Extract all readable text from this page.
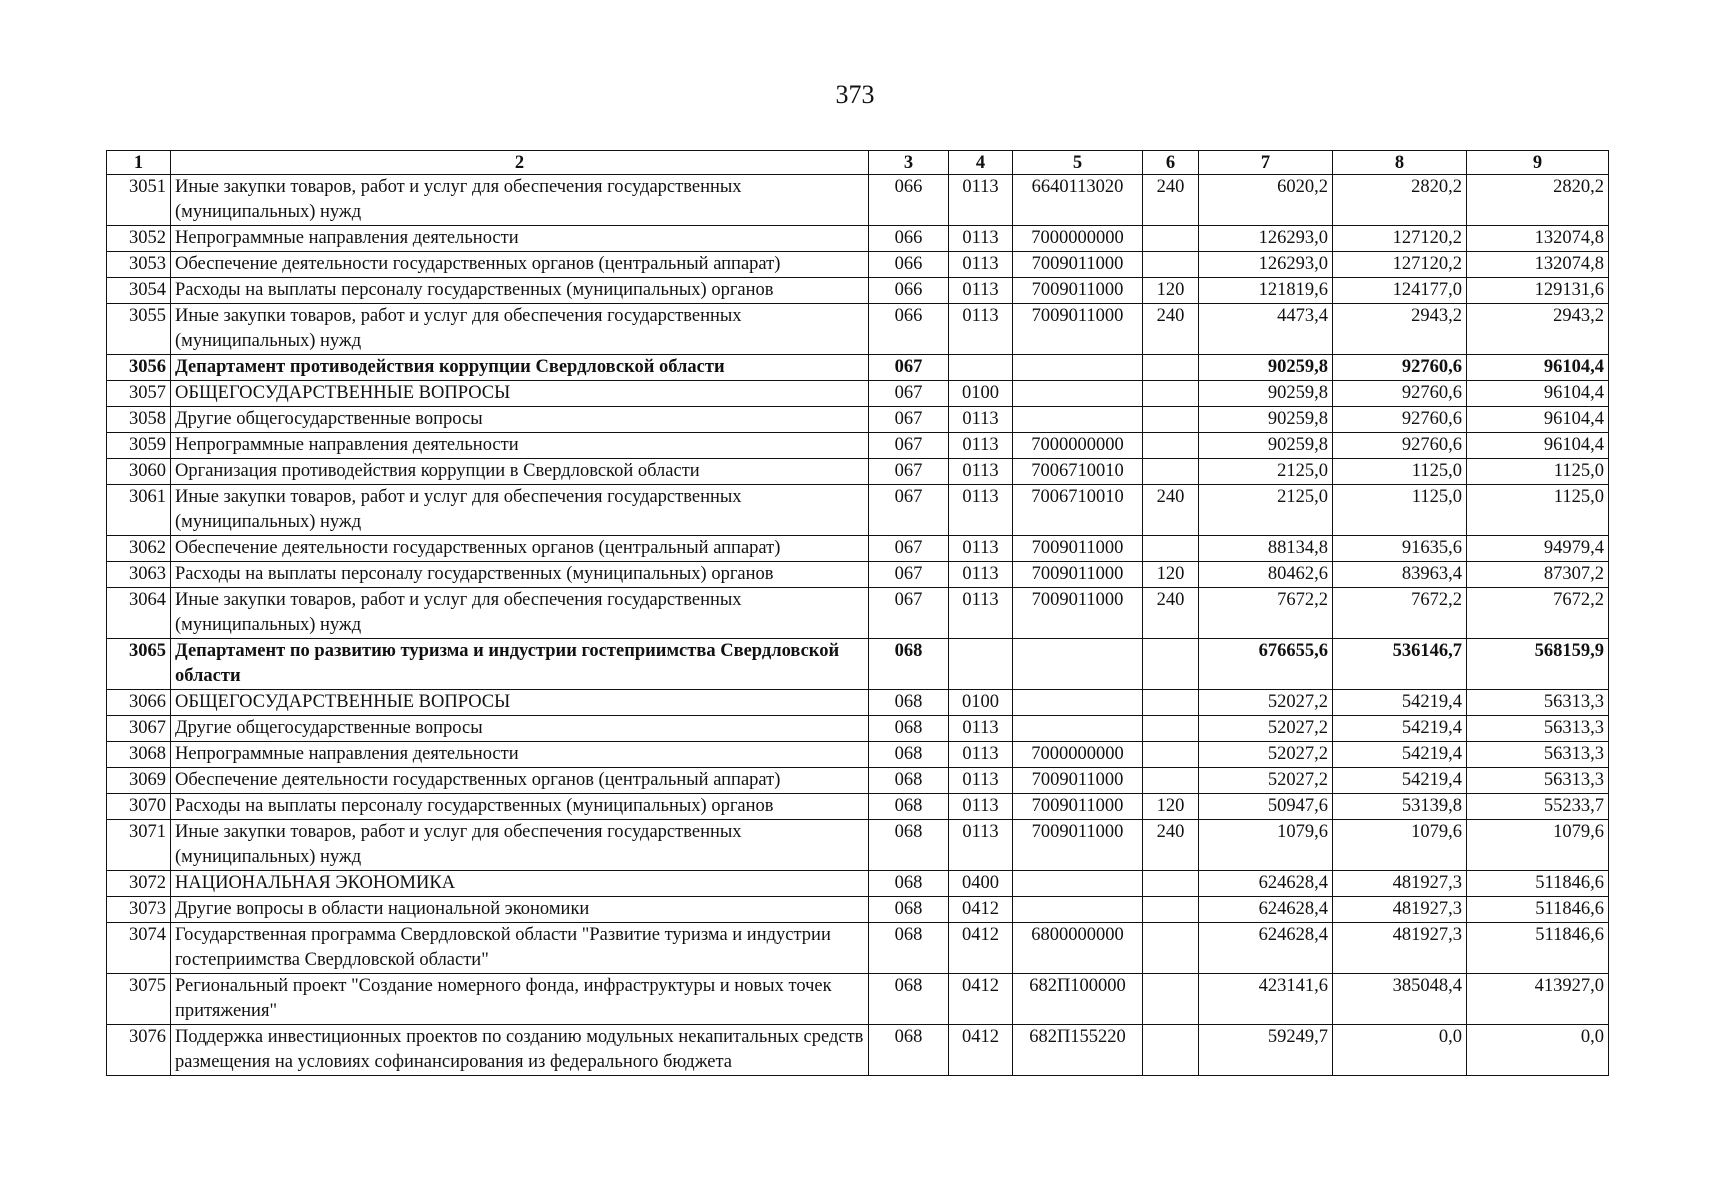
373
1	2	3	4	5	6	7	8	9
3051	Иные закупки товаров, работ и услуг для обеспечения государственных (муниципальных) нужд	066	0113	6640113020	240	6020,2	2820,2	2820,2
3052	Непрограммные направления деятельности	066	0113	7000000000		126293,0	127120,2	132074,8
3053	Обеспечение деятельности государственных органов (центральный аппарат)	066	0113	7009011000		126293,0	127120,2	132074,8
3054	Расходы на выплаты персоналу государственных (муниципальных) органов	066	0113	7009011000	120	121819,6	124177,0	129131,6
3055	Иные закупки товаров, работ и услуг для обеспечения государственных (муниципальных) нужд	066	0113	7009011000	240	4473,4	2943,2	2943,2
3056	Департамент противодействия коррупции Свердловской области	067				90259,8	92760,6	96104,4
3057	ОБЩЕГОСУДАРСТВЕННЫЕ ВОПРОСЫ	067	0100			90259,8	92760,6	96104,4
3058	Другие общегосударственные вопросы	067	0113			90259,8	92760,6	96104,4
3059	Непрограммные направления деятельности	067	0113	7000000000		90259,8	92760,6	96104,4
3060	Организация противодействия коррупции в Свердловской области	067	0113	7006710010		2125,0	1125,0	1125,0
3061	Иные закупки товаров, работ и услуг для обеспечения государственных (муниципальных) нужд	067	0113	7006710010	240	2125,0	1125,0	1125,0
3062	Обеспечение деятельности государственных органов (центральный аппарат)	067	0113	7009011000		88134,8	91635,6	94979,4
3063	Расходы на выплаты персоналу государственных (муниципальных) органов	067	0113	7009011000	120	80462,6	83963,4	87307,2
3064	Иные закупки товаров, работ и услуг для обеспечения государственных (муниципальных) нужд	067	0113	7009011000	240	7672,2	7672,2	7672,2
3065	Департамент по развитию туризма и индустрии гостеприимства Свердловской области	068				676655,6	536146,7	568159,9
3066	ОБЩЕГОСУДАРСТВЕННЫЕ ВОПРОСЫ	068	0100			52027,2	54219,4	56313,3
3067	Другие общегосударственные вопросы	068	0113			52027,2	54219,4	56313,3
3068	Непрограммные направления деятельности	068	0113	7000000000		52027,2	54219,4	56313,3
3069	Обеспечение деятельности государственных органов (центральный аппарат)	068	0113	7009011000		52027,2	54219,4	56313,3
3070	Расходы на выплаты персоналу государственных (муниципальных) органов	068	0113	7009011000	120	50947,6	53139,8	55233,7
3071	Иные закупки товаров, работ и услуг для обеспечения государственных (муниципальных) нужд	068	0113	7009011000	240	1079,6	1079,6	1079,6
3072	НАЦИОНАЛЬНАЯ ЭКОНОМИКА	068	0400			624628,4	481927,3	511846,6
3073	Другие вопросы в области национальной экономики	068	0412			624628,4	481927,3	511846,6
3074	Государственная программа Свердловской области "Развитие туризма и индустрии гостеприимства Свердловской области"	068	0412	6800000000		624628,4	481927,3	511846,6
3075	Региональный проект "Создание номерного фонда, инфраструктуры и новых точек притяжения"	068	0412	682П100000		423141,6	385048,4	413927,0
3076	Поддержка инвестиционных проектов по созданию модульных некапитальных средств размещения на условиях софинансирования из федерального бюджета	068	0412	682П155220		59249,7	0,0	0,0
